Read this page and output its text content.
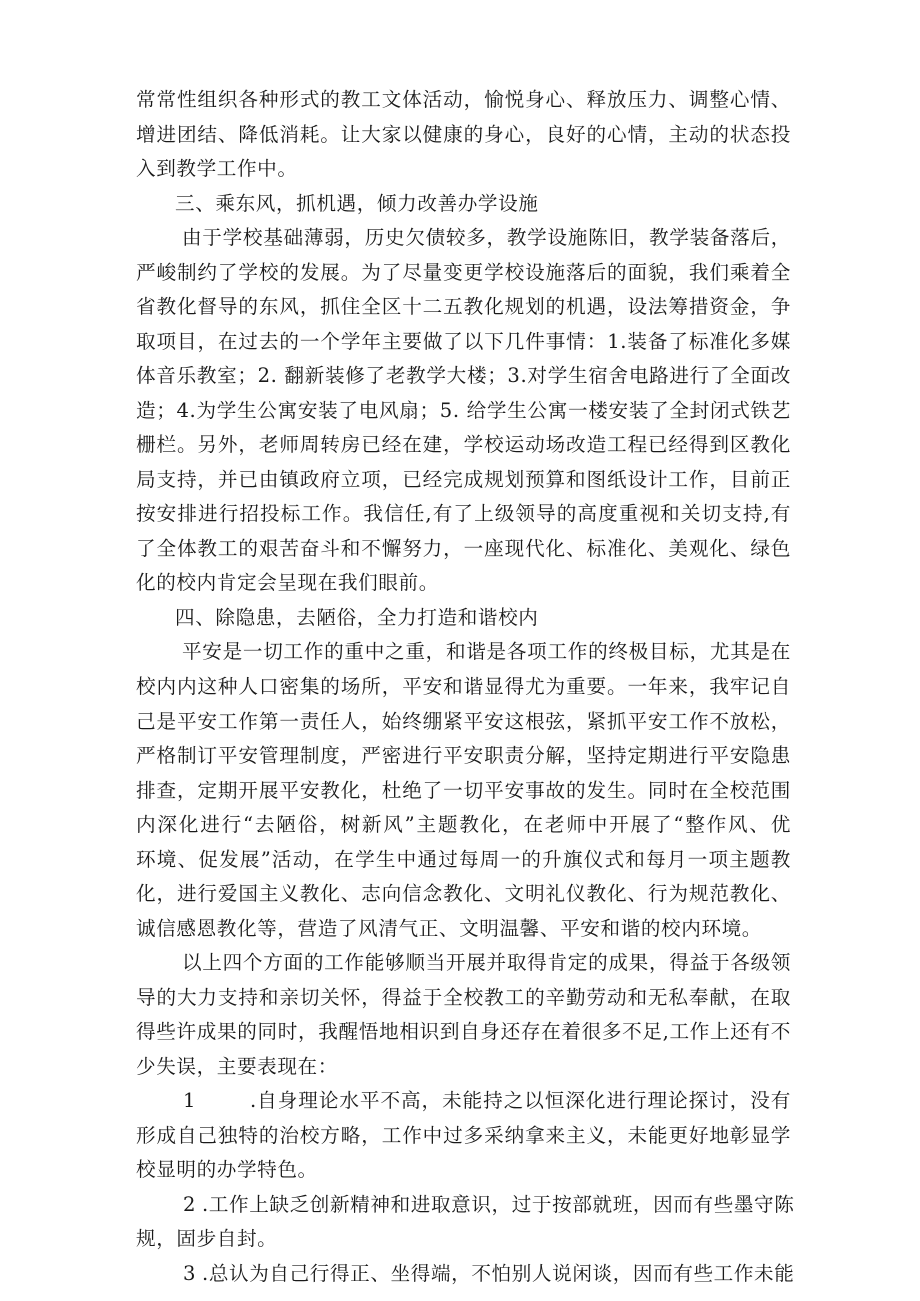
常常性组织各种形式的教工文体活动，愉悦身心、释放压力、调整心情、
增进团结、降低消耗。让大家以健康的身心，良好的心情，主动的状态投
入到教学工作中。
三、乘东风，抓机遇，倾力改善办学设施
由于学校基础薄弱，历史欠债较多，教学设施陈旧，教学装备落后，
严峻制约了学校的发展。为了尽量变更学校设施落后的面貌，我们乘着全
省教化督导的东风，抓住全区十二五教化规划的机遇，设法筹措资金，争
取项目，在过去的一个学年主要做了以下几件事情：1.装备了标准化多媒
体音乐教室；2. 翻新装修了老教学大楼；3.对学生宿舍电路进行了全面改
造；4.为学生公寓安装了电风扇；5. 给学生公寓一楼安装了全封闭式铁艺
栅栏。另外，老师周转房已经在建，学校运动场改造工程已经得到区教化
局支持，并已由镇政府立项，已经完成规划预算和图纸设计工作，目前正
按安排进行招投标工作。我信任,有了上级领导的高度重视和关切支持,有
了全体教工的艰苦奋斗和不懈努力，一座现代化、标准化、美观化、绿色
化的校内肯定会呈现在我们眼前。
四、除隐患，去陋俗，全力打造和谐校内
平安是一切工作的重中之重，和谐是各项工作的终极目标，尤其是在
校内内这种人口密集的场所，平安和谐显得尤为重要。一年来，我牢记自
己是平安工作第一责任人，始终绷紧平安这根弦，紧抓平安工作不放松，
严格制订平安管理制度，严密进行平安职责分解，坚持定期进行平安隐患
排查，定期开展平安教化，杜绝了一切平安事故的发生。同时在全校范围
内深化进行“去陋俗，树新风”主题教化，在老师中开展了“整作风、优
环境、促发展”活动，在学生中通过每周一的升旗仪式和每月一项主题教
化，进行爱国主义教化、志向信念教化、文明礼仪教化、行为规范教化、
诚信感恩教化等，营造了风清气正、文明温馨、平安和谐的校内环境。
以上四个方面的工作能够顺当开展并取得肯定的成果，得益于各级领
导的大力支持和亲切关怀，得益于全校教工的辛勤劳动和无私奉献，在取
得些许成果的同时，我醒悟地相识到自身还存在着很多不足,工作上还有不
少失误，主要表现在：
1	.自身理论水平不高，未能持之以恒深化进行理论探讨，没有
形成自己独特的治校方略，工作中过多采纳拿来主义，未能更好地彰显学
校显明的办学特色。
2 .工作上缺乏创新精神和进取意识，过于按部就班，因而有些墨守陈
规，固步自封。
3 .总认为自己行得正、坐得端，不怕别人说闲谈，因而有些工作未能
